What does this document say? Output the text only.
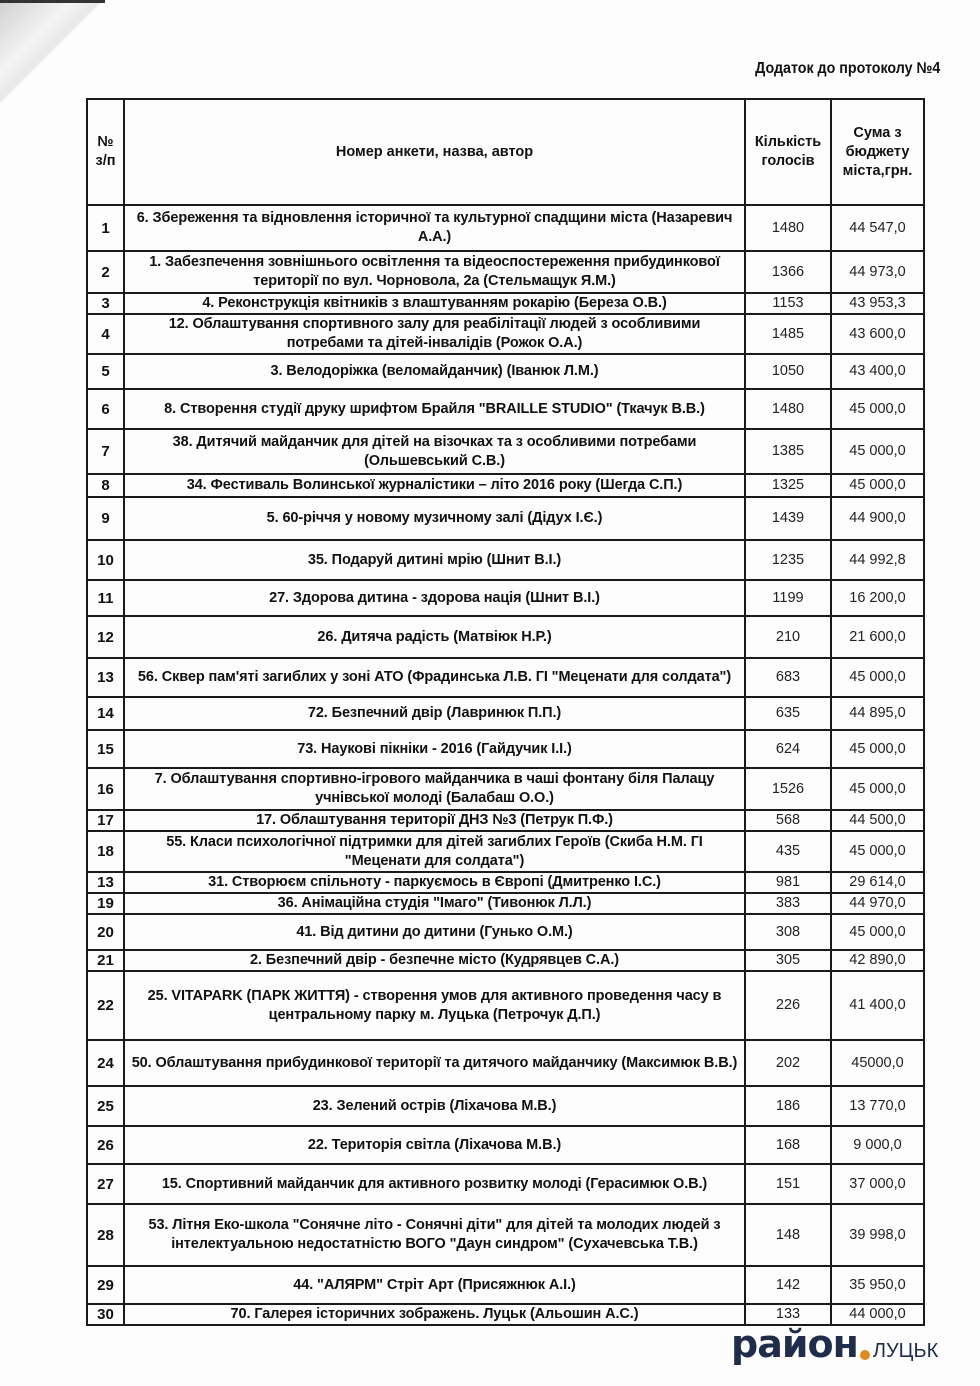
Додаток до протоколу №4
№ з/п	Номер анкети, назва, автор	Кількість голосів	Сума з бюджету міста,грн.
1	6. Збереження та відновлення історичної та культурної спадщини міста (Назаревич А.А.)	1480	44 547,0
2	1. Забезпечення зовнішнього освітлення та відеоспостереження прибудинкової території по вул. Чорновола, 2а (Стельмащук Я.М.)	1366	44 973,0
3	4. Реконструкція квітників з влаштуванням рокарію (Береза О.В.)	1153	43 953,3
4	12. Облаштування спортивного залу для реабілітації людей з особливими потребами та дітей-інвалідів (Рожок О.А.)	1485	43 600,0
5	3. Велодоріжка (веломайданчик) (Іванюк Л.М.)	1050	43 400,0
6	8. Створення студії друку шрифтом Брайля "BRAILLE STUDIO" (Ткачук В.В.)	1480	45 000,0
7	38. Дитячий майданчик для дітей на візочках та з особливими потребами (Ольшевський С.В.)	1385	45 000,0
8	34. Фестиваль Волинської журналістики – літо 2016 року (Шегда С.П.)	1325	45 000,0
9	5. 60-річчя у новому музичному залі (Дідух І.Є.)	1439	44 900,0
10	35. Подаруй дитині мрію (Шнит В.І.)	1235	44 992,8
11	27. Здорова дитина - здорова нація (Шнит В.І.)	1199	16 200,0
12	26. Дитяча радість (Матвіюк Н.Р.)	210	21 600,0
13	56. Сквер пам'яті загиблих у зоні АТО (Фрадинська Л.В. ГІ "Меценати для солдата")	683	45 000,0
14	72. Безпечний двір (Лавринюк П.П.)	635	44 895,0
15	73. Наукові пікніки - 2016 (Гайдучик І.І.)	624	45 000,0
16	7. Облаштування спортивно-ігрового майданчика в чаші фонтану біля Палацу учнівської молоді (Балабаш О.О.)	1526	45 000,0
17	17. Облаштування території ДНЗ №3 (Петрук П.Ф.)	568	44 500,0
18	55. Класи психологічної підтримки для дітей загиблих Героїв (Скиба Н.М. ГІ "Меценати для солдата")	435	45 000,0
13	31. Створюєм спільноту - паркуємось в Європі (Дмитренко І.С.)	981	29 614,0
19	36. Анімаційна студія "Імаго" (Тивонюк Л.Л.)	383	44 970,0
20	41. Від дитини до дитини (Гунько О.М.)	308	45 000,0
21	2. Безпечний двір - безпечне місто (Кудрявцев С.А.)	305	42 890,0
22	25. VITAPARK (ПАРК ЖИТТЯ) - створення умов для активного проведення часу в центральному парку м. Луцька (Петрочук Д.П.)	226	41 400,0
24	50. Облаштування прибудинкової території та дитячого майданчику (Максимюк В.В.)	202	45000,0
25	23. Зелений острів (Ліхачова М.В.)	186	13 770,0
26	22. Територія світла (Ліхачова М.В.)	168	9 000,0
27	15. Спортивний майданчик для активного розвитку молоді (Герасимюк О.В.)	151	37 000,0
28	53. Літня Еко-школа "Сонячне літо - Сонячні діти" для дітей та молодих людей з інтелектуальною недостатністю ВОГО "Даун синдром" (Сухачевська Т.В.)	148	39 998,0
29	44. "АЛЯРМ" Стріт Арт (Присяжнюк А.І.)	142	35 950,0
30	70. Галерея історичних зображень. Луцьк (Альошин А.С.)	133	44 000,0
район ЛУЦЬК
